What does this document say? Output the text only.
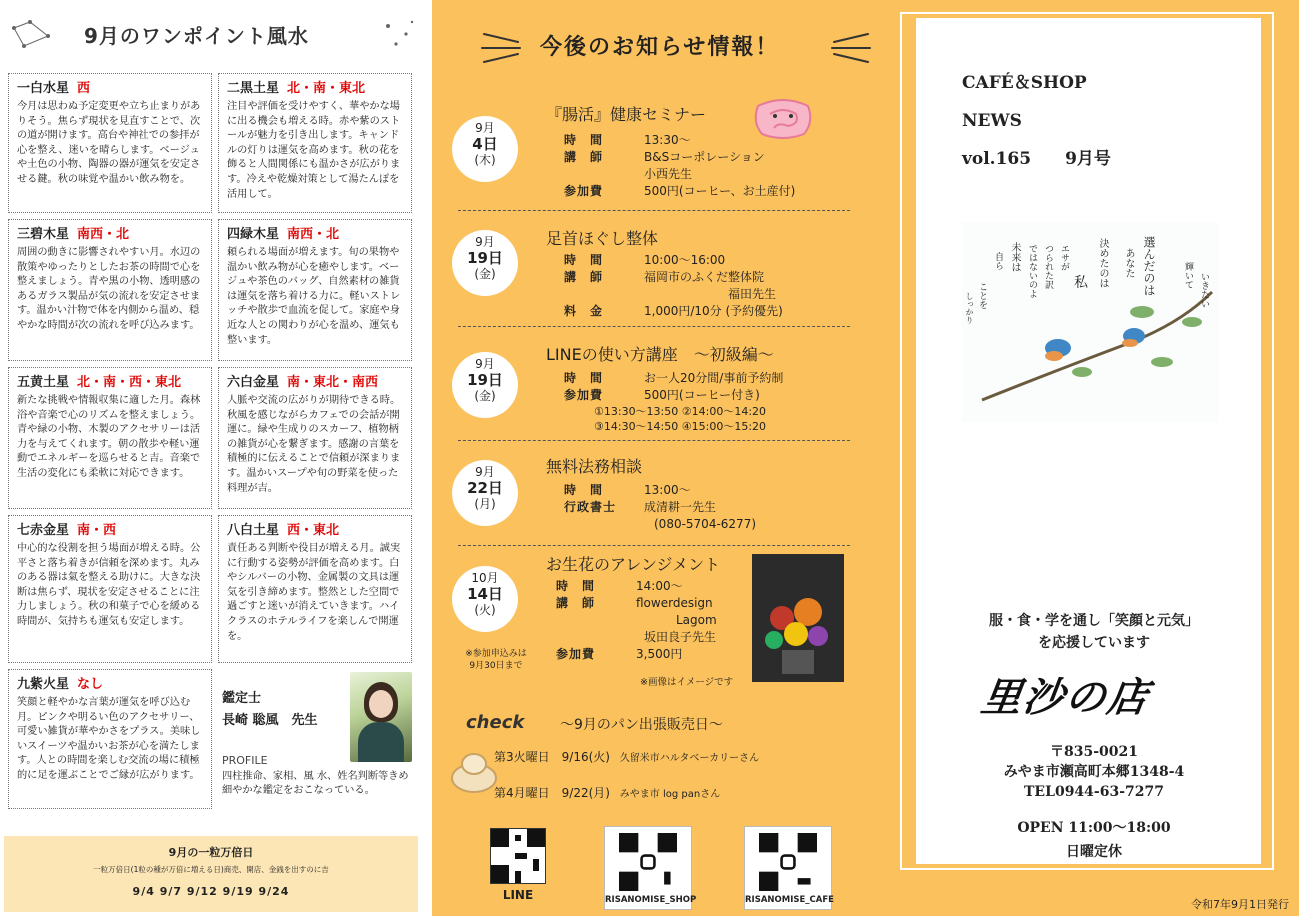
9月のワンポイント風水
一白水星 西
今月は思わぬ予定変更や立ち止まりがありそう。焦らず現状を見直すことで、次の道が開けます。高台や神社での参拝が心を整え、迷いを晴らします。ベージュや土色の小物、陶器の器が運気を安定させる鍵。秋の味覚や温かい飲み物を。
二黒土星 北・南・東北
注目や評価を受けやすく、華やかな場に出る機会も増える時。赤や紫のストールが魅力を引き出します。キャンドルの灯りは運気を高めます。秋の花を飾ると人間関係にも温かさが広がります。冷えや乾燥対策として湯たんぽを活用して。
三碧木星 南西・北
周囲の動きに影響されやすい月。水辺の散策やゆったりとしたお茶の時間で心を整えましょう。青や黒の小物、透明感のあるガラス製品が気の流れを安定させます。温かい汁物で体を内側から温め、穏やかな時間が次の流れを呼び込みます。
四緑木星 南西・北
頼られる場面が増えます。旬の果物や温かい飲み物が心を癒やします。ベージュや茶色のバッグ、自然素材の雑貨は運気を落ち着ける力に。軽いストレッチや散歩で血流を促して。家庭や身近な人との関わりが心を温め、運気も整います。
五黄土星 北・南・西・東北
新たな挑戦や情報収集に適した月。森林浴や音楽で心のリズムを整えましょう。青や緑の小物、木製のアクセサリーは活力を与えてくれます。朝の散歩や軽い運動でエネルギーを巡らせると吉。音楽で生活の変化にも柔軟に対応できます。
六白金星 南・東北・南西
人脈や交流の広がりが期待できる時。秋風を感じながらカフェでの会話が開運に。緑や生成りのスカーフ、植物柄の雑貨が心を繋ぎます。感謝の言葉を積極的に伝えることで信頼が深まります。温かいスープや旬の野菜を使った料理が吉。
七赤金星 南・西
中心的な役割を担う場面が増える時。公平さと落ち着きが信頼を深めます。丸みのある器は氣を整える助けに。大きな決断は焦らず、現状を安定させることに注力しましょう。秋の和菓子で心を緩める時間が、気持ちも運気も安定します。
八白土星 西・東北
責任ある判断や役目が増える月。誠実に行動する姿勢が評価を高めます。白やシルバーの小物、金属製の文具は運気を引き締めます。整然とした空間で過ごすと迷いが消えていきます。ハイクラスのホテルライフを楽しんで開運を。
九紫火星 なし
笑顔と軽やかな言葉が運気を呼び込む月。ピンクや明るい色のアクセサリー、可愛い雑貨が華やかさをプラス。美味しいスイーツや温かいお茶が心を満たします。人との時間を楽しむ交流の場に積極的に足を運ぶことでご縁が広がります。
鑑定士
長崎 聡風　先生
PROFILE
四柱推命、家相、風 水、姓名判断等きめ細やかな鑑定をおこなっている。
9月の一粒万倍日
一粒万倍日(1粒の種が万倍に増える日)商売、開店、金銭を出すのに吉
9/4 9/7 9/12 9/19 9/24
今後のお知らせ情報！
9月
4日
(木)
『腸活』健康セミナー
時　間	13:30～
講　師	B&Sコーポレーション
小西先生
参加費	500円(コーヒー、お土産付)
9月
19日
(金)
足首ほぐし整体
時　間	10:00～16:00
講　師	福岡市のふくだ整体院
福田先生
料　金	1,000円/10分 (予約優先)
9月
19日
(金)
LINEの使い方講座　～初級編～
時　間	お一人20分間/事前予約制
参加費	500円(コーヒー付き)
①13:30～13:50 ②14:00～14:20
③14:30～14:50 ④15:00～15:20
9月
22日
(月)
無料法務相談
時　間	13:00～
行政書士 成清耕一先生
(080-5704-6277)
10月
14日
(火)
※参加申込みは
9月30日まで
お生花のアレンジメント
時　間	14:00～
講　師	flowerdesign
Lagom
坂田良子先生
参加費	3,500円
※画像はイメージです
check	～9月のパン出張販売日～
第3火曜日　9/16(火) 久留米市ハルタベーカリーさん
第4月曜日　9/22(月) みやま市 log panさん
LINE	RISANOMISE_SHOP	RISANOMISE_CAFE
CAFÉ＆SHOP
NEWS
vol.165　　9月号
選んだのは
あなた
決めたのは
私
エサが
つられた訳
ではないのよ
未来は
自ら
輝いて いきたい
ことを
しっかり
服・食・学を通し「笑顔と元気」
を応援しています
里沙の店
〒835-0021
みやま市瀬高町本郷1348-4
TEL0944-63-7277
OPEN 11:00～18:00
日曜定休
令和7年9月1日発行
